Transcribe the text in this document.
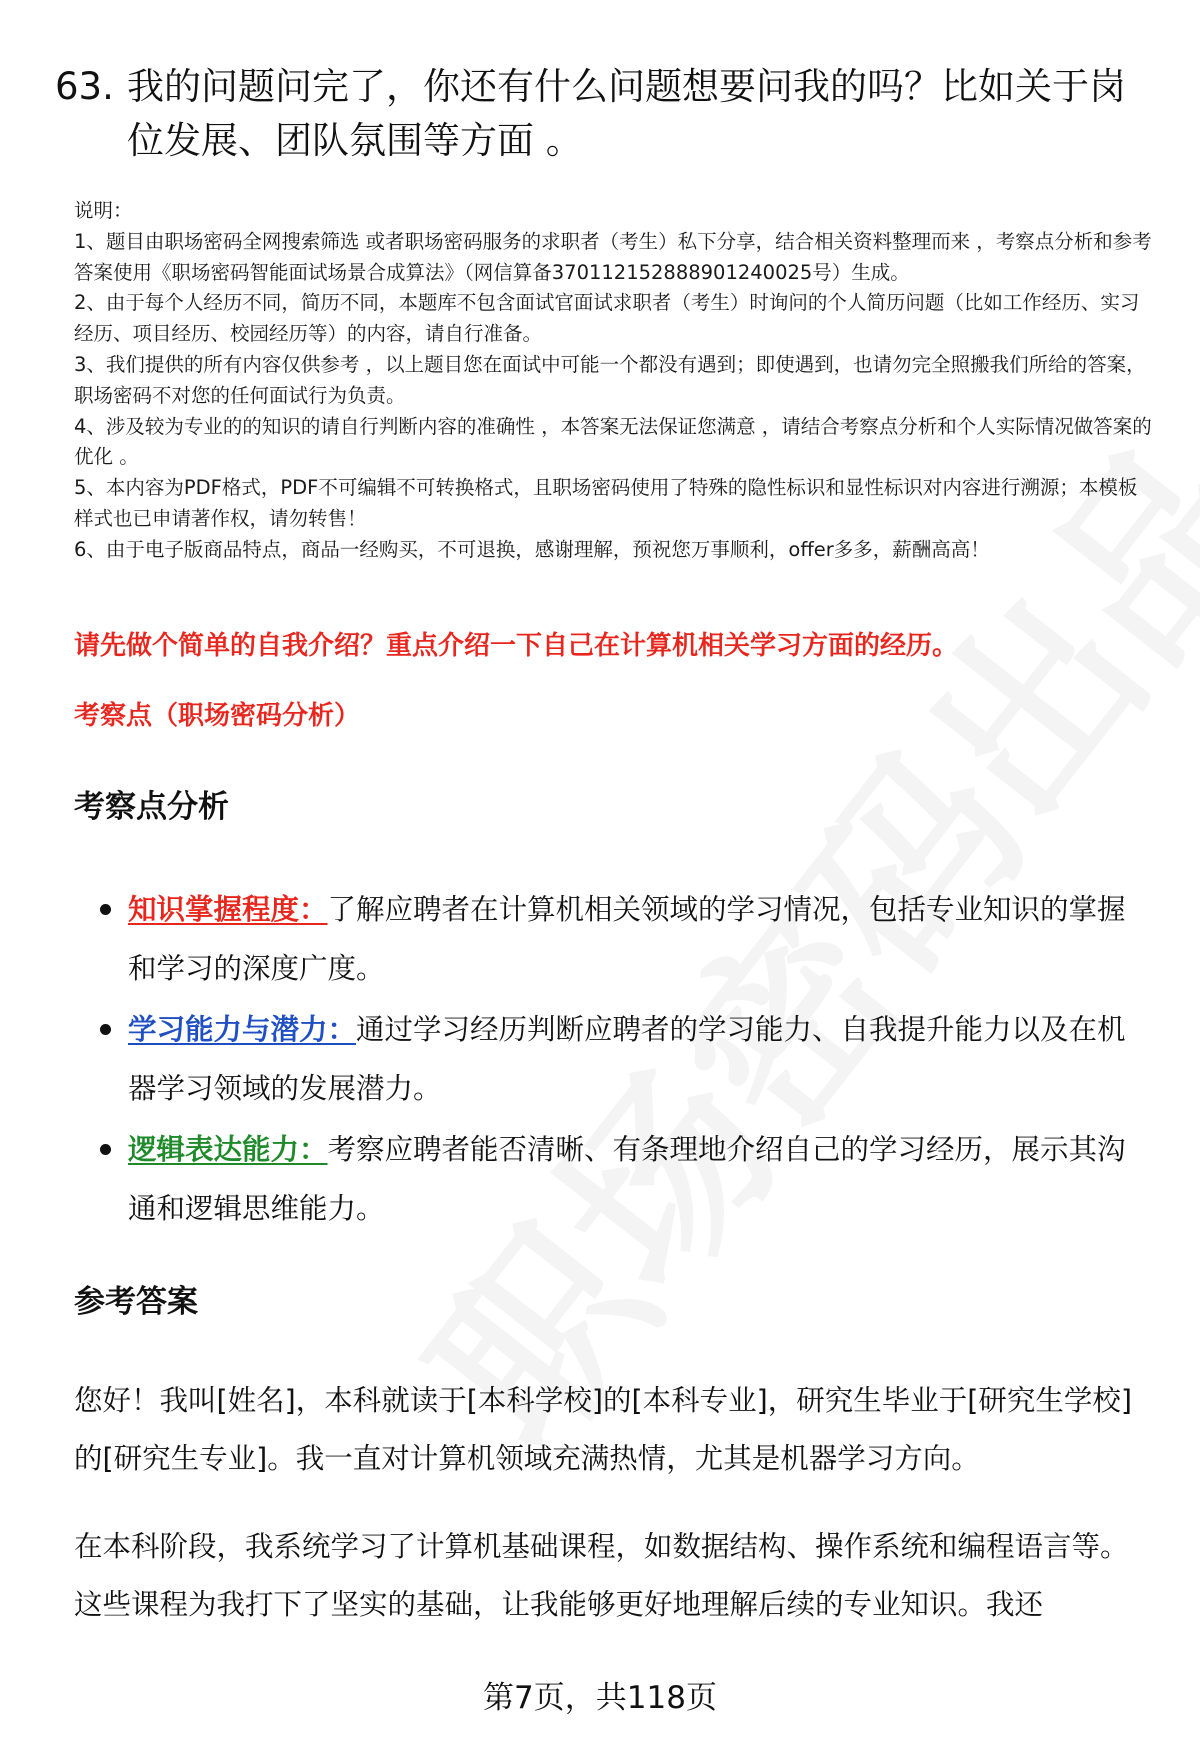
63. 我的问题问完了，你还有什么问题想要问我的吗？比如关于岗位发展、团队氛围等方面 。

说明：

1、题目由职场密码全网搜索筛选 或者职场密码服务的求职者（考生）私下分享，结合相关资料整理而来 ，考察点分析和参考答案使用《职场密码智能面试场景合成算法》（网信算备370112152888901240025号）生成。

2、由于每个人经历不同，简历不同，本题库不包含面试官面试求职者（考生）时询问的个人简历问题（比如工作经历、实习经历、项目经历、校园经历等）的内容，请自行准备。

3、我们提供的所有内容仅供参考 ，以上题目您在面试中可能一个都没有遇到；即使遇到，也请勿完全照搬我们所给的答案，职场密码不对您的任何面试行为负责。

4、涉及较为专业的的知识的请自行判断内容的准确性 ，本答案无法保证您满意 ，请结合考察点分析和个人实际情况做答案的优化 。

5、本内容为PDF格式，PDF不可编辑不可转换格式，且职场密码使用了特殊的隐性标识和显性标识对内容进行溯源；本模板样式也已申请著作权，请勿转售！

6、由于电子版商品特点，商品一经购买，不可退换，感谢理解，预祝您万事顺利，offer多多，薪酬高高！

请先做个简单的自我介绍？重点介绍一下自己在计算机相关学习方面的经历。
考察点（职场密码分析）
考察点分析
知识掌握程度：了解应聘者在计算机相关领域的学习情况，包括专业知识的掌握和学习的深度广度。
学习能力与潜力：通过学习经历判断应聘者的学习能力、自我提升能力以及在机器学习领域的发展潜力。
逻辑表达能力：考察应聘者能否清晰、有条理地介绍自己的学习经历，展示其沟通和逻辑思维能力。
参考答案

您好！我叫[姓名]，本科就读于[本科学校]的[本科专业]，研究生毕业于[研究生学校]的[研究生专业]。我一直对计算机领域充满热情，尤其是机器学习方向。

在本科阶段，我系统学习了计算机基础课程，如数据结构、操作系统和编程语言等。这些课程为我打下了坚实的基础，让我能够更好地理解后续的专业知识。我还

第7页，共118页
